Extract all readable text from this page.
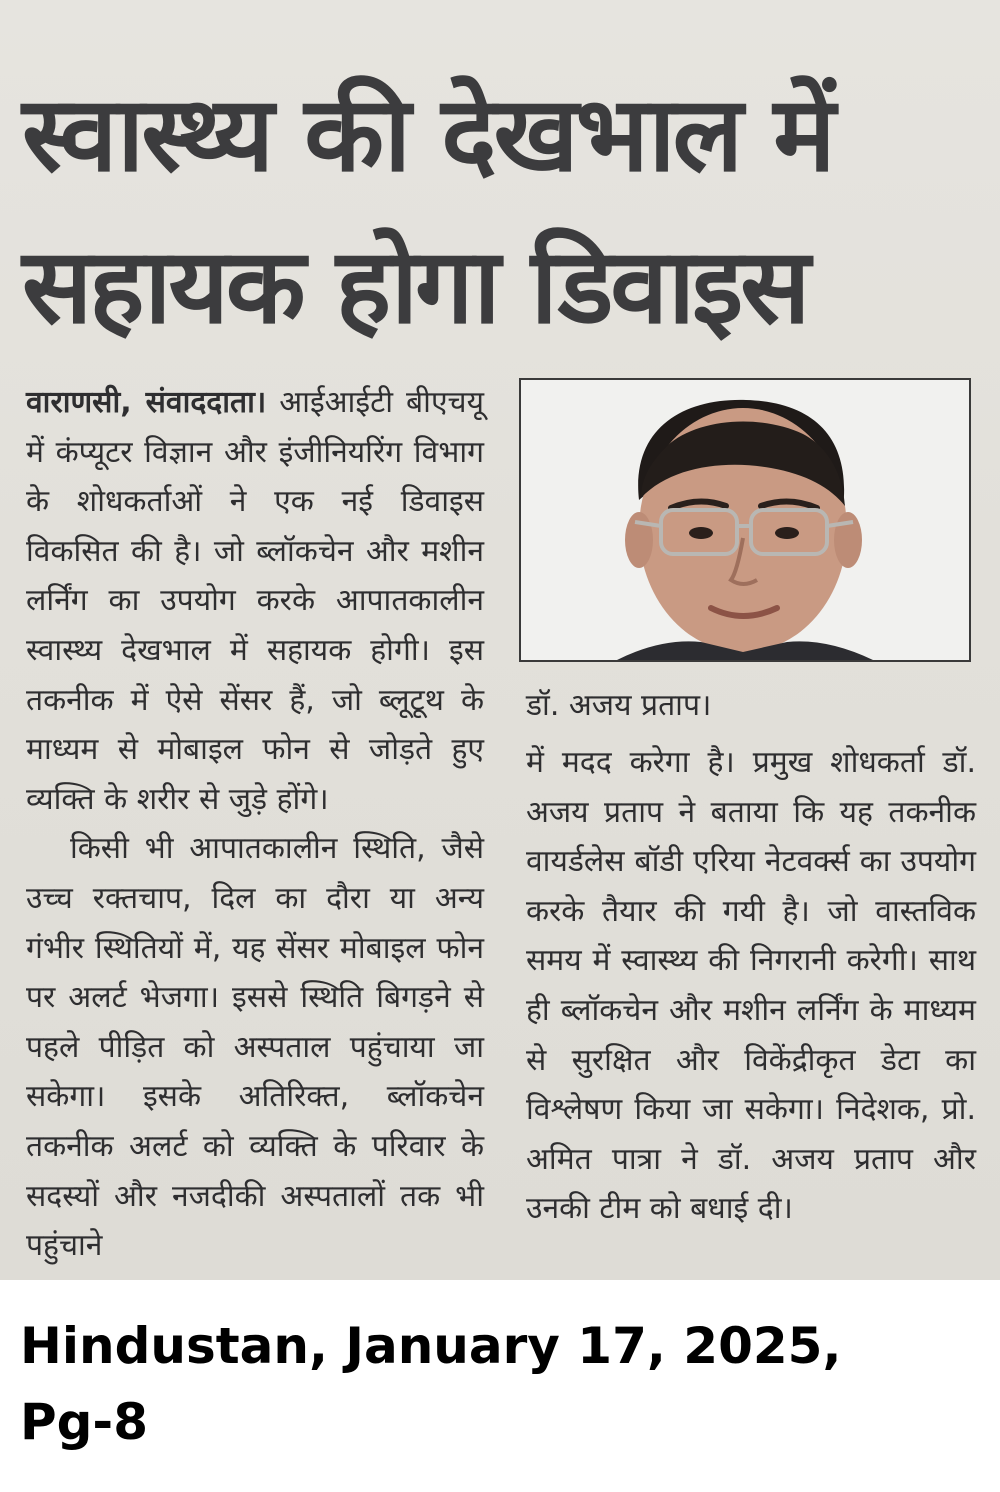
स्वास्थ्य की देखभाल में
सहायक होगा डिवाइस

वाराणसी, संवाददाता। आईआईटी बीएचयू में कंप्यूटर विज्ञान और इंजीनियरिंग विभाग के शोधकर्ताओं ने एक नई डिवाइस विकसित की है। जो ब्लॉकचेन और मशीन लर्निंग का उपयोग करके आपातकालीन स्वास्थ्य देखभाल में सहायक होगी। इस तकनीक में ऐसे सेंसर हैं, जो ब्लूटूथ के माध्यम से मोबाइल फोन से जोड़ते हुए व्यक्ति के शरीर से जुड़े होंगे।

किसी भी आपातकालीन स्थिति, जैसे उच्च रक्तचाप, दिल का दौरा या अन्य गंभीर स्थितियों में, यह सेंसर मोबाइल फोन पर अलर्ट भेजगा। इससे स्थिति बिगड़ने से पहले पीड़ित को अस्पताल पहुंचाया जा सकेगा। इसके अतिरिक्त, ब्लॉकचेन तकनीक अलर्ट को व्यक्ति के परिवार के सदस्यों और नजदीकी अस्पतालों तक भी पहुंचाने

डॉ. अजय प्रताप।

में मदद करेगा है। प्रमुख शोधकर्ता डॉ. अजय प्रताप ने बताया कि यह तकनीक वायर्डलेस बॉडी एरिया नेटवर्क्स का उपयोग करके तैयार की गयी है। जो वास्तविक समय में स्वास्थ्य की निगरानी करेगी। साथ ही ब्लॉकचेन और मशीन लर्निंग के माध्यम से सुरक्षित और विकेंद्रीकृत डेटा का विश्लेषण किया जा सकेगा। निदेशक, प्रो. अमित पात्रा ने डॉ. अजय प्रताप और उनकी टीम को बधाई दी।

Hindustan, January 17, 2025,
Pg-8
